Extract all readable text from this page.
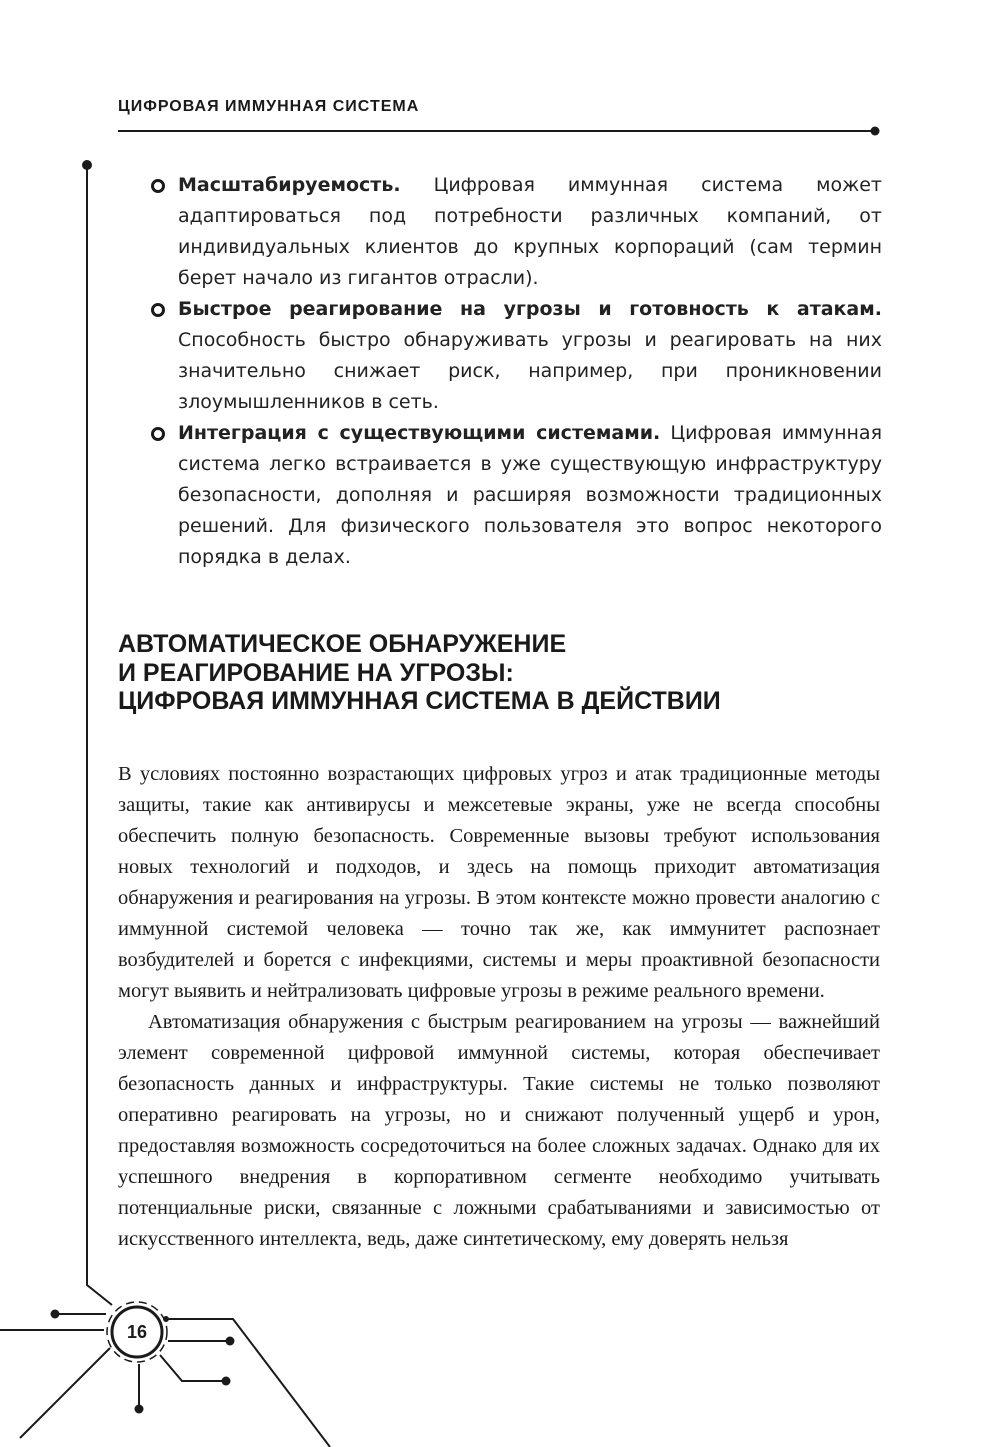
ЦИФРОВАЯ ИММУННАЯ СИСТЕМА
Масштабируемость. Цифровая иммунная система может адаптироваться под потребности различных компаний, от индивидуальных клиентов до крупных корпораций (сам термин берет начало из гигантов отрасли).
Быстрое реагирование на угрозы и готовность к атакам. Способность быстро обнаруживать угрозы и реагировать на них значительно снижает риск, например, при проникновении злоумышленников в сеть.
Интеграция с существующими системами. Цифровая иммунная система легко встраивается в уже существующую инфраструктуру безопасности, дополняя и расширяя возможности традиционных решений. Для физического пользователя это вопрос некоторого порядка в делах.
АВТОМАТИЧЕСКОЕ ОБНАРУЖЕНИЕ
И РЕАГИРОВАНИЕ НА УГРОЗЫ:
ЦИФРОВАЯ ИММУННАЯ СИСТЕМА В ДЕЙСТВИИ

В условиях постоянно возрастающих цифровых угроз и атак традиционные методы защиты, такие как антивирусы и межсетевые экраны, уже не всегда способны обеспечить полную безопасность. Современные вызовы требуют использования новых технологий и подходов, и здесь на помощь приходит автоматизация обнаружения и реагирования на угрозы. В этом контексте можно провести аналогию с иммунной системой человека — точно так же, как иммунитет распознает возбудителей и борется с инфекциями, системы и меры проактивной безопасности могут выявить и нейтрализовать цифровые угрозы в режиме реального времени.

Автоматизация обнаружения с быстрым реагированием на угрозы — важнейший элемент современной цифровой иммунной системы, которая обеспечивает безопасность данных и инфраструктуры. Такие системы не только позволяют оперативно реагировать на угрозы, но и снижают полученный ущерб и урон, предоставляя возможность сосредоточиться на более сложных задачах. Однако для их успешного внедрения в корпоративном сегменте необходимо учитывать потенциальные риски, связанные с ложными срабатываниями и зависимостью от искусственного интеллекта, ведь, даже синтетическому, ему доверять нельзя

16
